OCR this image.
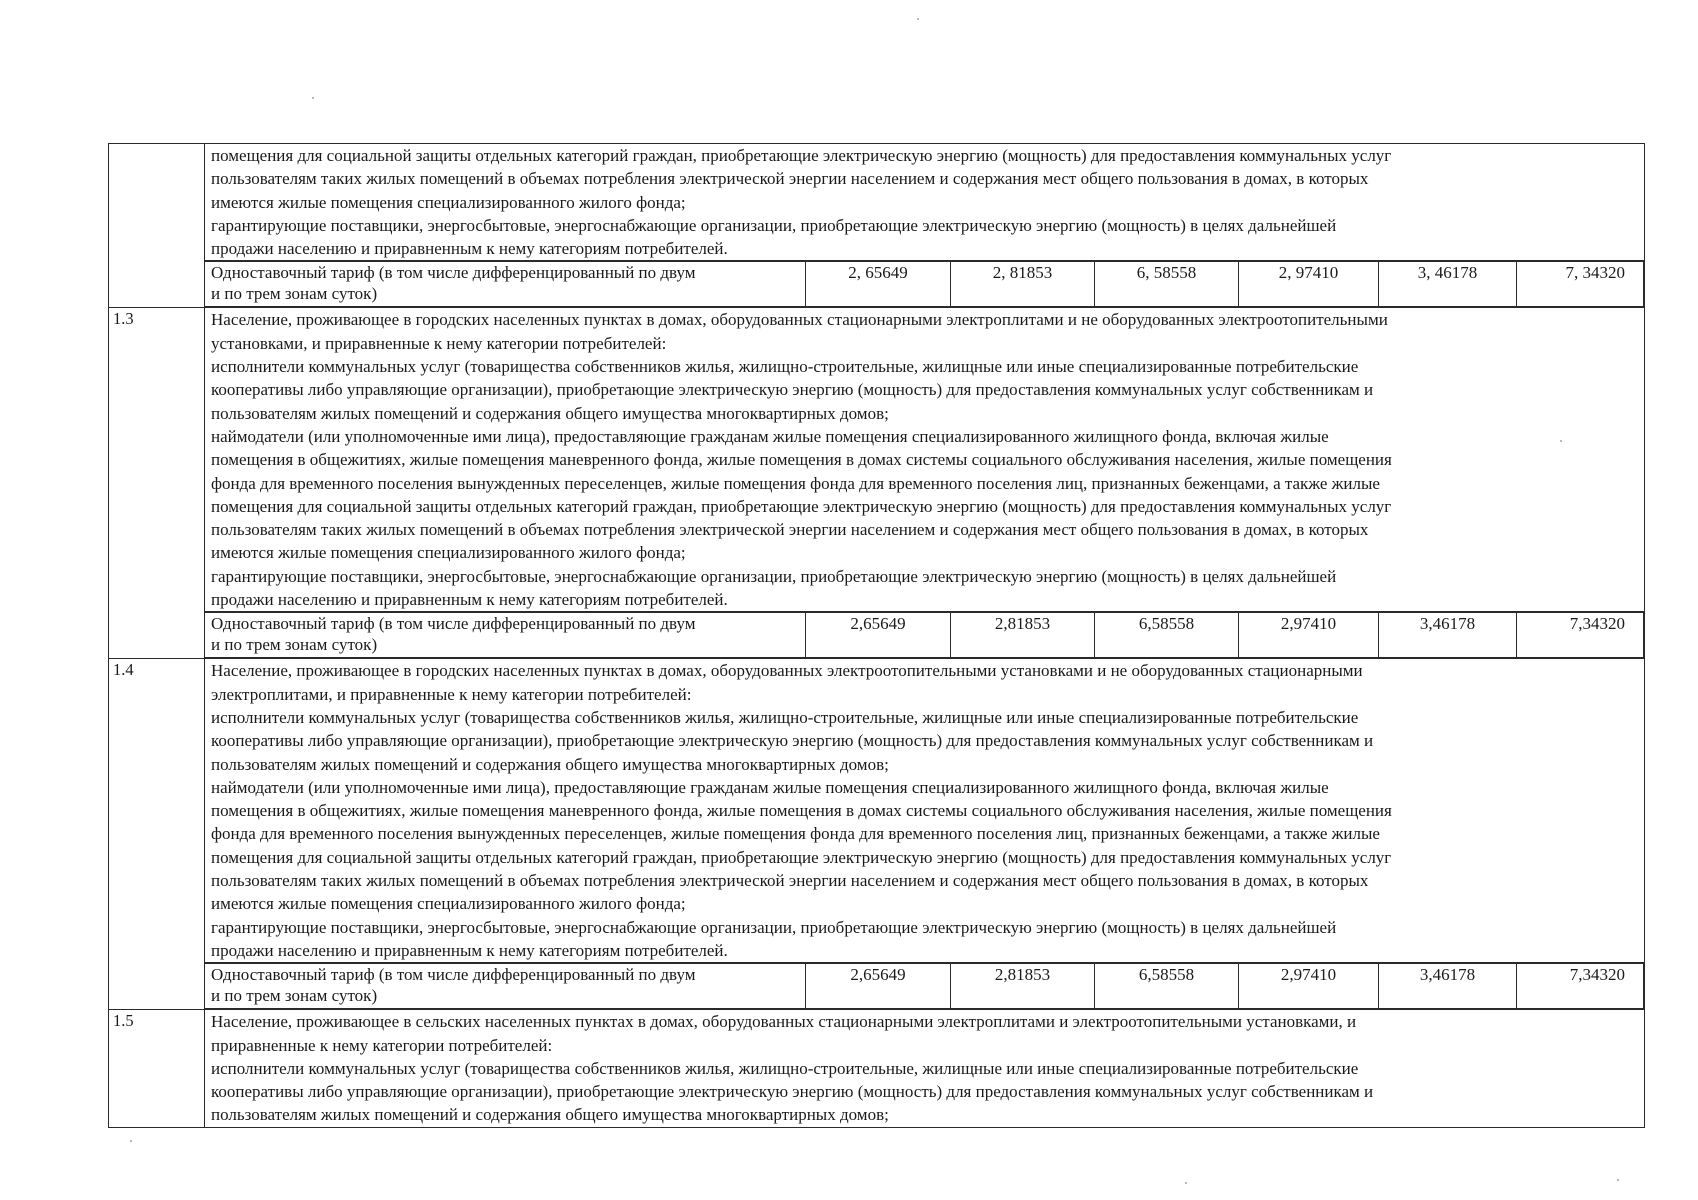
помещения для социальной защиты отдельных категорий граждан, приобретающие электрическую энергию (мощность) для предоставления коммунальных услуг
пользователям таких жилых помещений в объемах потребления электрической энергии населением и содержания мест общего пользования в домах, в которых
имеются жилые помещения специализированного жилого фонда;
гарантирующие поставщики, энергосбытовые, энергоснабжающие организации, приобретающие электрическую энергию (мощность) в целях дальнейшей
продажи населению и приравненным к нему категориям потребителей.

Одноставочный тариф (в том числе дифференцированный по двум
и по трем зонам суток)
	2, 65649	2, 81853	6, 58558	2, 97410	3, 46178	7, 34320

1.3	Население, проживающее в городских населенных пунктах в домах, оборудованных стационарными электроплитами и не оборудованных электроотопительными
установками, и приравненные к нему категории потребителей:
исполнители коммунальных услуг (товарищества собственников жилья, жилищно-строительные, жилищные или иные специализированные потребительские
кооперативы либо управляющие организации), приобретающие электрическую энергию (мощность) для предоставления коммунальных услуг собственникам и
пользователям жилых помещений и содержания общего имущества многоквартирных домов;
наймодатели (или уполномоченные ими лица), предоставляющие гражданам жилые помещения специализированного жилищного фонда, включая жилые
помещения в общежитиях, жилые помещения маневренного фонда, жилые помещения в домах системы социального обслуживания населения, жилые помещения
фонда для временного поселения вынужденных переселенцев, жилые помещения фонда для временного поселения лиц, признанных беженцами, а также жилые
помещения для социальной защиты отдельных категорий граждан, приобретающие электрическую энергию (мощность) для предоставления коммунальных услуг
пользователям таких жилых помещений в объемах потребления электрической энергии населением и содержания мест общего пользования в домах, в которых
имеются жилые помещения специализированного жилого фонда;
гарантирующие поставщики, энергосбытовые, энергоснабжающие организации, приобретающие электрическую энергию (мощность) в целях дальнейшей
продажи населению и приравненным к нему категориям потребителей.

Одноставочный тариф (в том числе дифференцированный по двум
и по трем зонам суток)
	2,65649	2,81853	6,58558	2,97410	3,46178	7,34320

1.4	Население, проживающее в городских населенных пунктах в домах, оборудованных электроотопительными установками и не оборудованных стационарными
электроплитами, и приравненные к нему категории потребителей:
исполнители коммунальных услуг (товарищества собственников жилья, жилищно-строительные, жилищные или иные специализированные потребительские
кооперативы либо управляющие организации), приобретающие электрическую энергию (мощность) для предоставления коммунальных услуг собственникам и
пользователям жилых помещений и содержания общего имущества многоквартирных домов;
наймодатели (или уполномоченные ими лица), предоставляющие гражданам жилые помещения специализированного жилищного фонда, включая жилые
помещения в общежитиях, жилые помещения маневренного фонда, жилые помещения в домах системы социального обслуживания населения, жилые помещения
фонда для временного поселения вынужденных переселенцев, жилые помещения фонда для временного поселения лиц, признанных беженцами, а также жилые
помещения для социальной защиты отдельных категорий граждан, приобретающие электрическую энергию (мощность) для предоставления коммунальных услуг
пользователям таких жилых помещений в объемах потребления электрической энергии населением и содержания мест общего пользования в домах, в которых
имеются жилые помещения специализированного жилого фонда;
гарантирующие поставщики, энергосбытовые, энергоснабжающие организации, приобретающие электрическую энергию (мощность) в целях дальнейшей
продажи населению и приравненным к нему категориям потребителей.

Одноставочный тариф (в том числе дифференцированный по двум
и по трем зонам суток)
	2,65649	2,81853	6,58558	2,97410	3,46178	7,34320

1.5	Население, проживающее в сельских населенных пунктах в домах, оборудованных стационарными электроплитами и электроотопительными установками, и
приравненные к нему категории потребителей:
исполнители коммунальных услуг (товарищества собственников жилья, жилищно-строительные, жилищные или иные специализированные потребительские
кооперативы либо управляющие организации), приобретающие электрическую энергию (мощность) для предоставления коммунальных услуг собственникам и
пользователям жилых помещений и содержания общего имущества многоквартирных домов;
